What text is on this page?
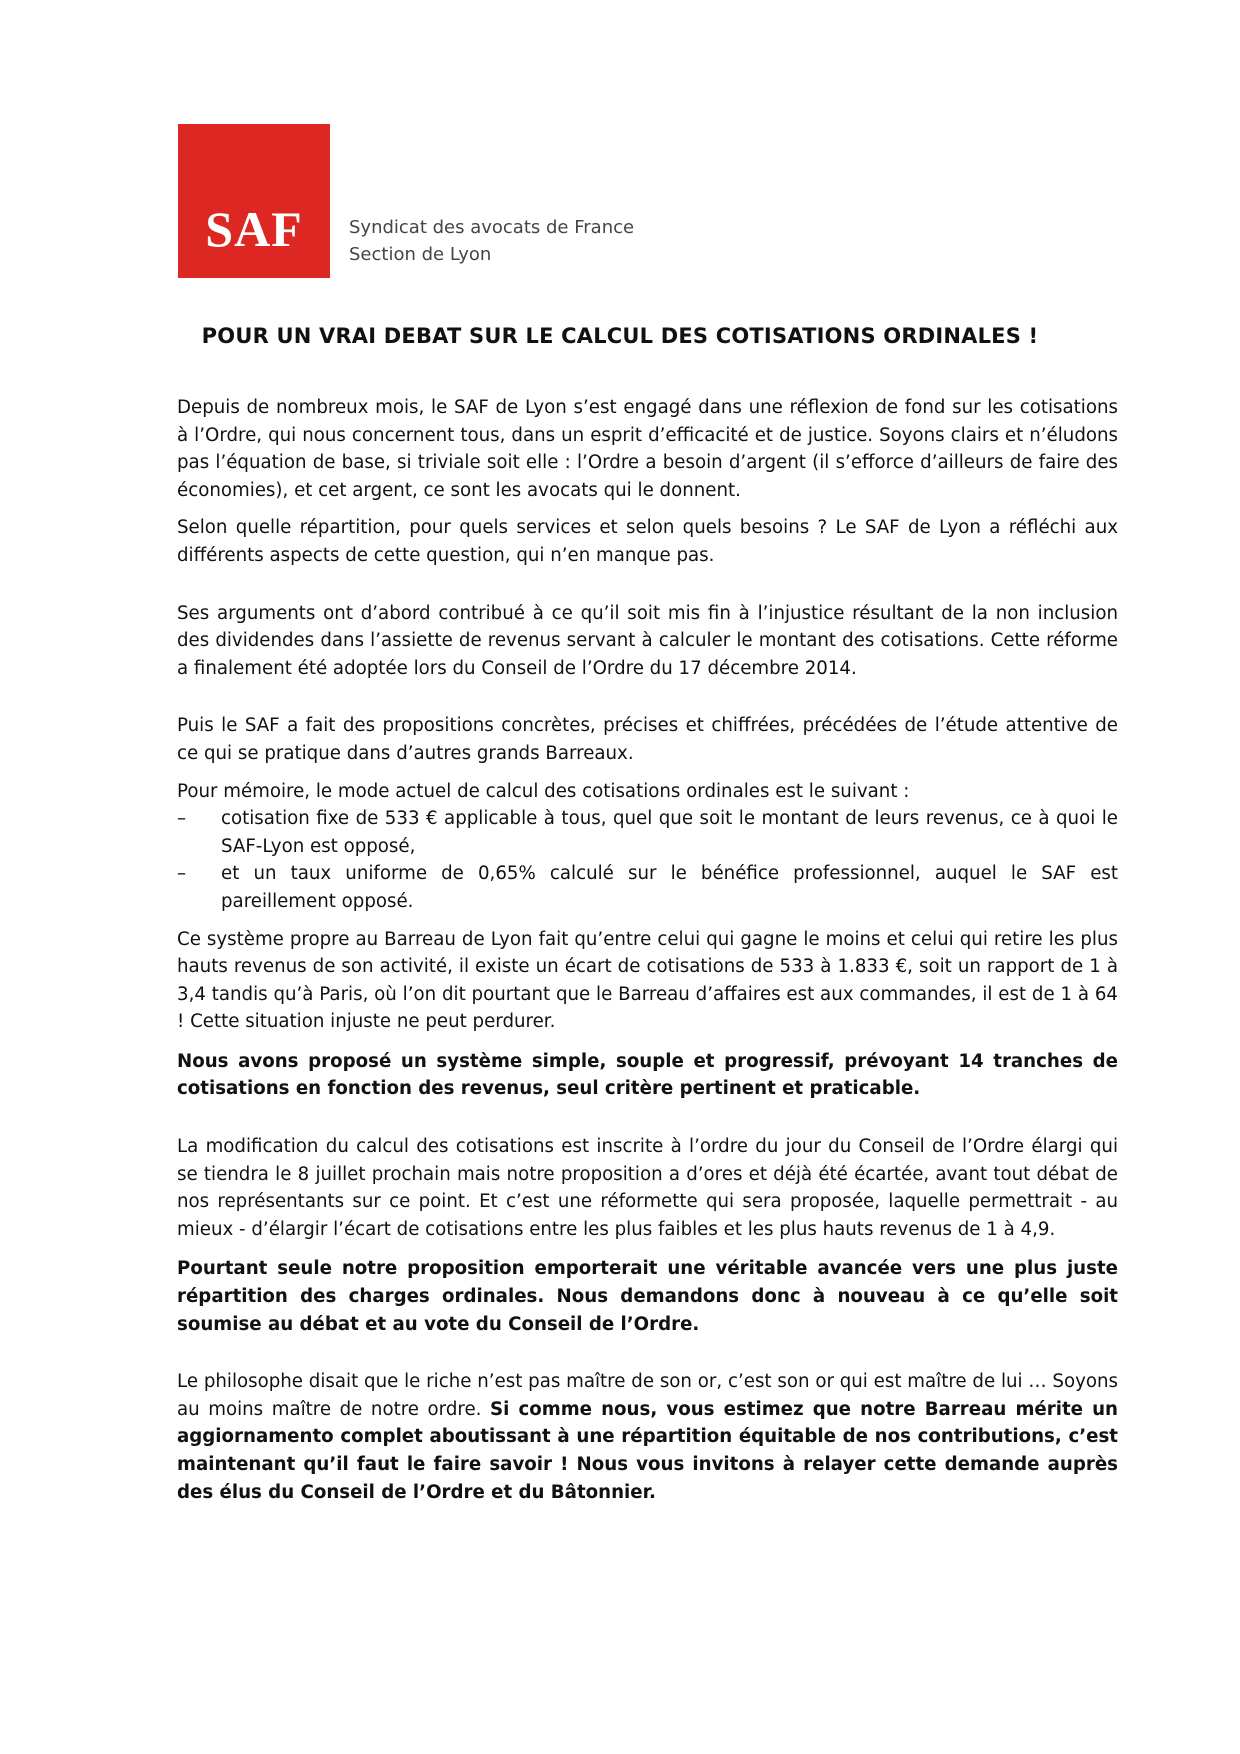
SAF	Syndicat des avocats de France
Section de Lyon
POUR UN VRAI DEBAT SUR LE CALCUL DES COTISATIONS ORDINALES !

Depuis de nombreux mois, le SAF de Lyon s’est engagé dans une réflexion de fond sur les cotisations à l’Ordre, qui nous concernent tous, dans un esprit d’efficacité et de justice. Soyons clairs et n’éludons pas l’équation de base, si triviale soit elle : l’Ordre a besoin d’argent (il s’efforce d’ailleurs de faire des économies), et cet argent, ce sont les avocats qui le donnent.

Selon quelle répartition, pour quels services et selon quels besoins ? Le SAF de Lyon a réfléchi aux différents aspects de cette question, qui n’en manque pas.

Ses arguments ont d’abord contribué à ce qu’il soit mis fin à l’injustice résultant de la non inclusion des dividendes dans l’assiette de revenus servant à calculer le montant des cotisations. Cette réforme a finalement été adoptée lors du Conseil de l’Ordre du 17 décembre 2014.

Puis le SAF a fait des propositions concrètes, précises et chiffrées, précédées de l’étude attentive de ce qui se pratique dans d’autres grands Barreaux.

Pour mémoire, le mode actuel de calcul des cotisations ordinales est le suivant :

– cotisation fixe de 533 € applicable à tous, quel que soit le montant de leurs revenus, ce à quoi le SAF-Lyon est opposé,
– et un taux uniforme de 0,65% calculé sur le bénéfice professionnel, auquel le SAF est pareillement opposé.

Ce système propre au Barreau de Lyon fait qu’entre celui qui gagne le moins et celui qui retire les plus hauts revenus de son activité, il existe un écart de cotisations de 533 à 1.833 €, soit un rapport de 1 à 3,4 tandis qu’à Paris, où l’on dit pourtant que le Barreau d’affaires est aux commandes, il est de 1 à 64 ! Cette situation injuste ne peut perdurer.

Nous avons proposé un système simple, souple et progressif, prévoyant 14 tranches de cotisations en fonction des revenus, seul critère pertinent et praticable.

La modification du calcul des cotisations est inscrite à l’ordre du jour du Conseil de l’Ordre élargi qui se tiendra le 8 juillet prochain mais notre proposition a d’ores et déjà été écartée, avant tout débat de nos représentants sur ce point. Et c’est une réformette qui sera proposée, laquelle permettrait - au mieux - d’élargir l’écart de cotisations entre les plus faibles et les plus hauts revenus de 1 à 4,9.

Pourtant seule notre proposition emporterait une véritable avancée vers une plus juste répartition des charges ordinales. Nous demandons donc à nouveau à ce qu’elle soit soumise au débat et au vote du Conseil de l’Ordre.

Le philosophe disait que le riche n’est pas maître de son or, c’est son or qui est maître de lui … Soyons au moins maître de notre ordre. Si comme nous, vous estimez que notre Barreau mérite un aggiornamento complet aboutissant à une répartition équitable de nos contributions, c’est maintenant qu’il faut le faire savoir ! Nous vous invitons à relayer cette demande auprès des élus du Conseil de l’Ordre et du Bâtonnier.
